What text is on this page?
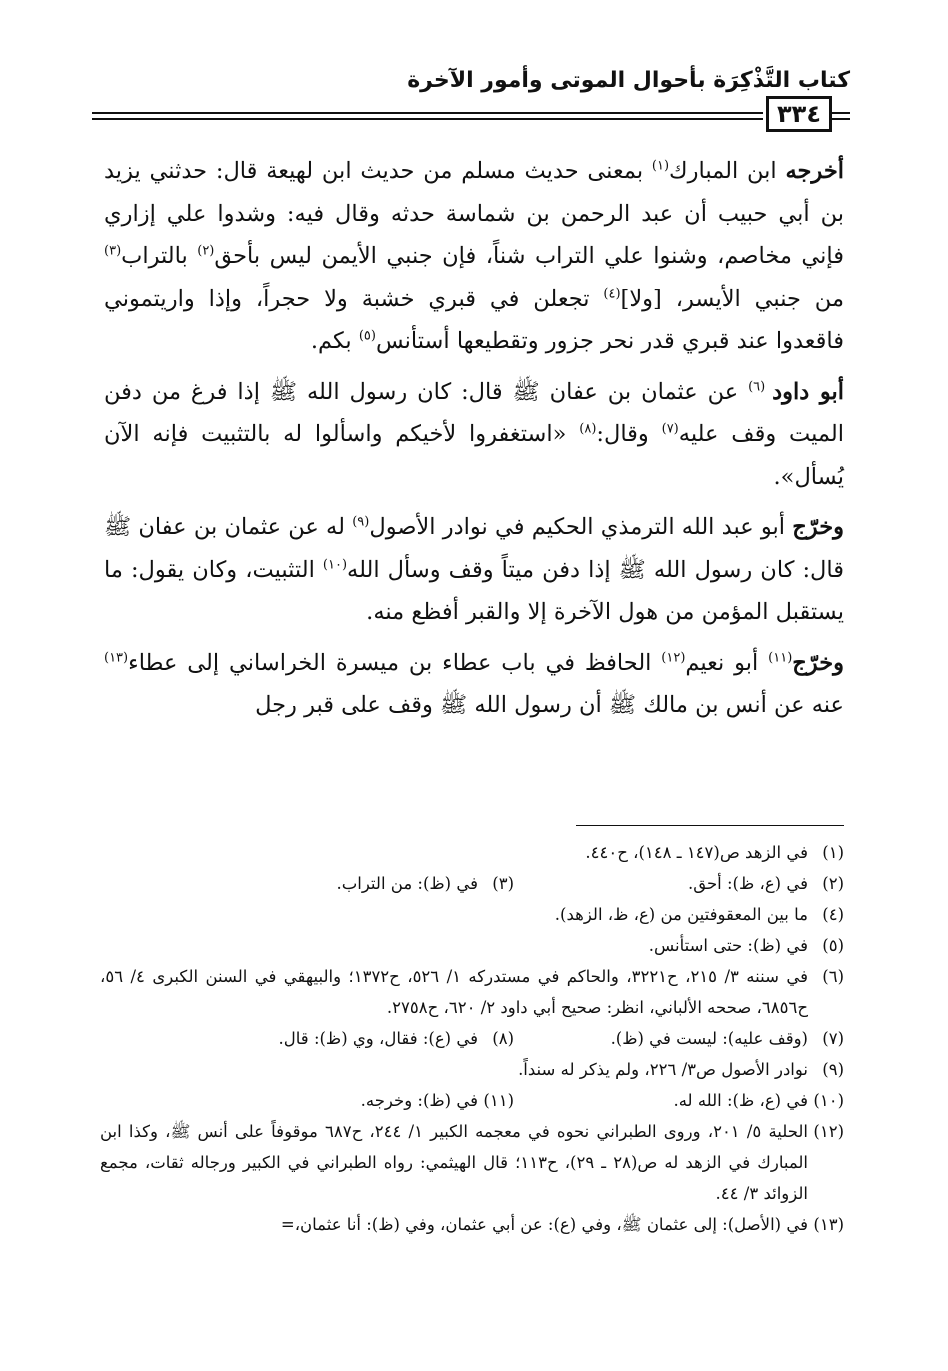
كتاب التَّذْكِرَة بأحوال الموتى وأمور الآخرة
٣٣٤

أخرجه ابن المبارك$^{(١)}$ بمعنى حديث مسلم من حديث ابن لهيعة قال: حدثني يزيد بن أبي حبيب أن عبد الرحمن بن شماسة حدثه وقال فيه: وشدوا علي إزاري فإني مخاصم، وشنوا علي التراب شناً، فإن جنبي الأيمن ليس بأحق$^{(٢)}$ بالتراب$^{(٣)}$ من جنبي الأيسر، [ولا]$^{(٤)}$ تجعلن في قبري خشبة ولا حجراً، وإذا واريتموني فاقعدوا عند قبري قدر نحر جزور وتقطيعها أستأنس$^{(٥)}$ بكم.

أبو داود $^{(٦)}$ عن عثمان بن عفان ﷺ قال: كان رسول الله ﷺ إذا فرغ من دفن الميت وقف عليه$^{(٧)}$ وقال:$^{(٨)}$ «استغفروا لأخيكم واسألوا له بالتثبيت فإنه الآن يُسأل».

وخرّج أبو عبد الله الترمذي الحكيم في نوادر الأصول$^{(٩)}$ له عن عثمان بن عفان ﷺ قال: كان رسول الله ﷺ إذا دفن ميتاً وقف وسأل الله$^{(١٠)}$ التثبيت، وكان يقول: ما يستقبل المؤمن من هول الآخرة إلا والقبر أفظع منه.

وخرّج$^{(١١)}$ أبو نعيم$^{(١٢)}$ الحافظ في باب عطاء بن ميسرة الخراساني إلى عطاء$^{(١٣)}$ عنه عن أنس بن مالك ﷺ أن رسول الله ﷺ وقف على قبر رجل

(١)
في الزهد ص(١٤٧ ـ ١٤٨)، ح٤٤٠.
(٢)
في (ع، ظ): أحق.
(٣)
في (ظ): من التراب.
(٤)
ما بين المعقوفتين من (ع، ظ، الزهد).
(٥)
في (ظ): حتى استأنس.
(٦)
في سننه ٣/ ٢١٥، ح٣٢٢١، والحاكم في مستدركه ١/ ٥٢٦، ح١٣٧٢؛ والبيهقي في السنن الكبرى ٤/ ٥٦، ح٦٨٥٦، صححه الألباني، انظر: صحيح أبي داود ٢/ ٦٢٠، ح٢٧٥٨.
(٧)
(وقف عليه): ليست في (ظ).
(٨)
في (ع): فقال، وي (ظ): قال.
(٩)
نوادر الأصول ص٣/ ٢٢٦، ولم يذكر له سنداً.
(١٠)
في (ع، ظ): الله له.
(١١)
في (ظ): وخرجه.
(١٢)
الحلية ٥/ ٢٠١، وروى الطبراني نحوه في معجمه الكبير ١/ ٢٤٤، ح٦٨٧ موقوفاً على أنس ﷺ، وكذا ابن المبارك في الزهد له ص(٢٨ ـ ٢٩)، ح١١٣؛ قال الهيثمي: رواه الطبراني في الكبير ورجاله ثقات، مجمع الزوائد ٣/ ٤٤.
(١٣)
في (الأصل): إلى عثمان ﷺ، وفي (ع): عن أبي عثمان، وفي (ظ): أنا عثمان،=
